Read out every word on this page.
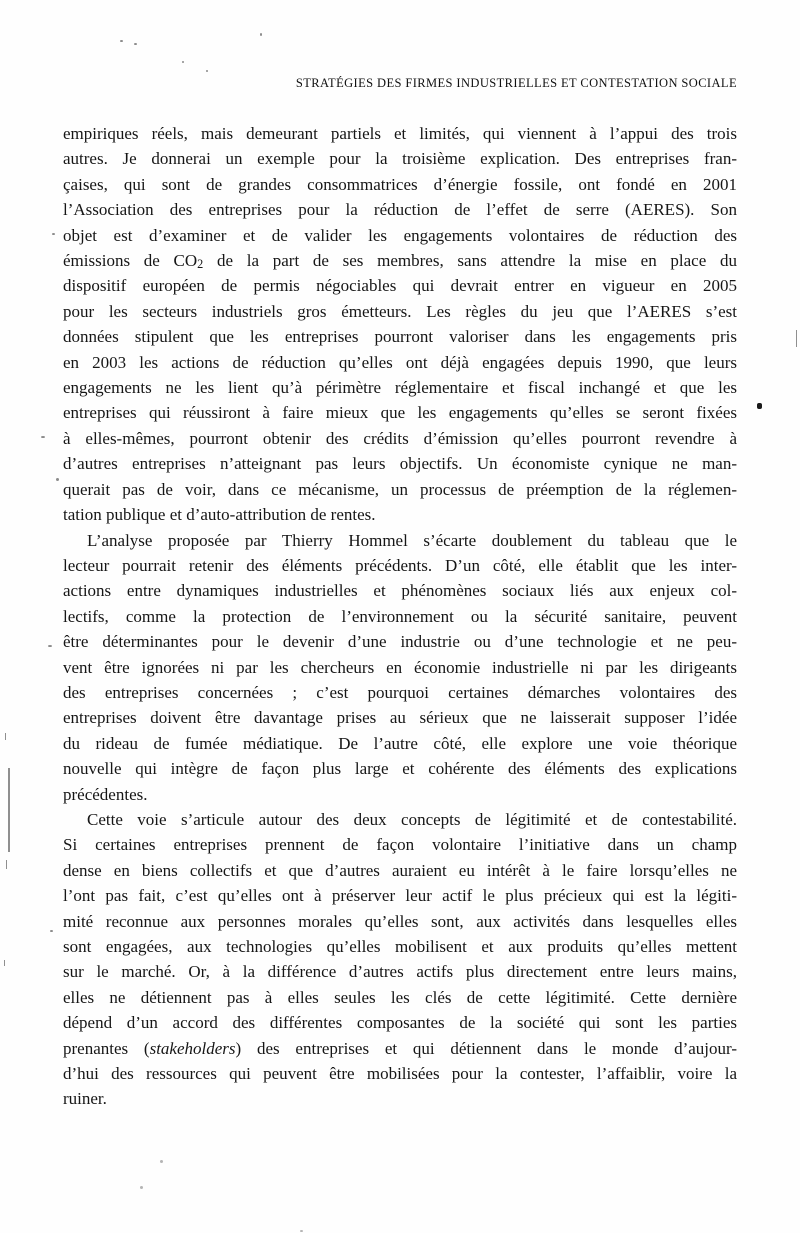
STRATÉGIES DES FIRMES INDUSTRIELLES ET CONTESTATION SOCIALE
empiriques réels, mais demeurant partiels et limités, qui viennent à l’appui des trois
autres. Je donnerai un exemple pour la troisième explication. Des entreprises fran-
çaises, qui sont de grandes consommatrices d’énergie fossile, ont fondé en 2001
l’Association des entreprises pour la réduction de l’effet de serre (AERES). Son
objet est d’examiner et de valider les engagements volontaires de réduction des
émissions de $CO_2$ de la part de ses membres, sans attendre la mise en place du
dispositif européen de permis négociables qui devrait entrer en vigueur en 2005
pour les secteurs industriels gros émetteurs. Les règles du jeu que l’AERES s’est
données stipulent que les entreprises pourront valoriser dans les engagements pris
en 2003 les actions de réduction qu’elles ont déjà engagées depuis 1990, que leurs
engagements ne les lient qu’à périmètre réglementaire et fiscal inchangé et que les
entreprises qui réussiront à faire mieux que les engagements qu’elles se seront fixées
à elles-mêmes, pourront obtenir des crédits d’émission qu’elles pourront revendre à
d’autres entreprises n’atteignant pas leurs objectifs. Un économiste cynique ne man-
querait pas de voir, dans ce mécanisme, un processus de préemption de la réglemen-
tation publique et d’auto-attribution de rentes.
L’analyse proposée par Thierry Hommel s’écarte doublement du tableau que le
lecteur pourrait retenir des éléments précédents. D’un côté, elle établit que les inter-
actions entre dynamiques industrielles et phénomènes sociaux liés aux enjeux col-
lectifs, comme la protection de l’environnement ou la sécurité sanitaire, peuvent
être déterminantes pour le devenir d’une industrie ou d’une technologie et ne peu-
vent être ignorées ni par les chercheurs en économie industrielle ni par les dirigeants
des entreprises concernées ; c’est pourquoi certaines démarches volontaires des
entreprises doivent être davantage prises au sérieux que ne laisserait supposer l’idée
du rideau de fumée médiatique. De l’autre côté, elle explore une voie théorique
nouvelle qui intègre de façon plus large et cohérente des éléments des explications
précédentes.
Cette voie s’articule autour des deux concepts de légitimité et de contestabilité.
Si certaines entreprises prennent de façon volontaire l’initiative dans un champ
dense en biens collectifs et que d’autres auraient eu intérêt à le faire lorsqu’elles ne
l’ont pas fait, c’est qu’elles ont à préserver leur actif le plus précieux qui est la légiti-
mité reconnue aux personnes morales qu’elles sont, aux activités dans lesquelles elles
sont engagées, aux technologies qu’elles mobilisent et aux produits qu’elles mettent
sur le marché. Or, à la différence d’autres actifs plus directement entre leurs mains,
elles ne détiennent pas à elles seules les clés de cette légitimité. Cette dernière
dépend d’un accord des différentes composantes de la société qui sont les parties
prenantes (stakeholders) des entreprises et qui détiennent dans le monde d’aujour-
d’hui des ressources qui peuvent être mobilisées pour la contester, l’affaiblir, voire la
ruiner.
